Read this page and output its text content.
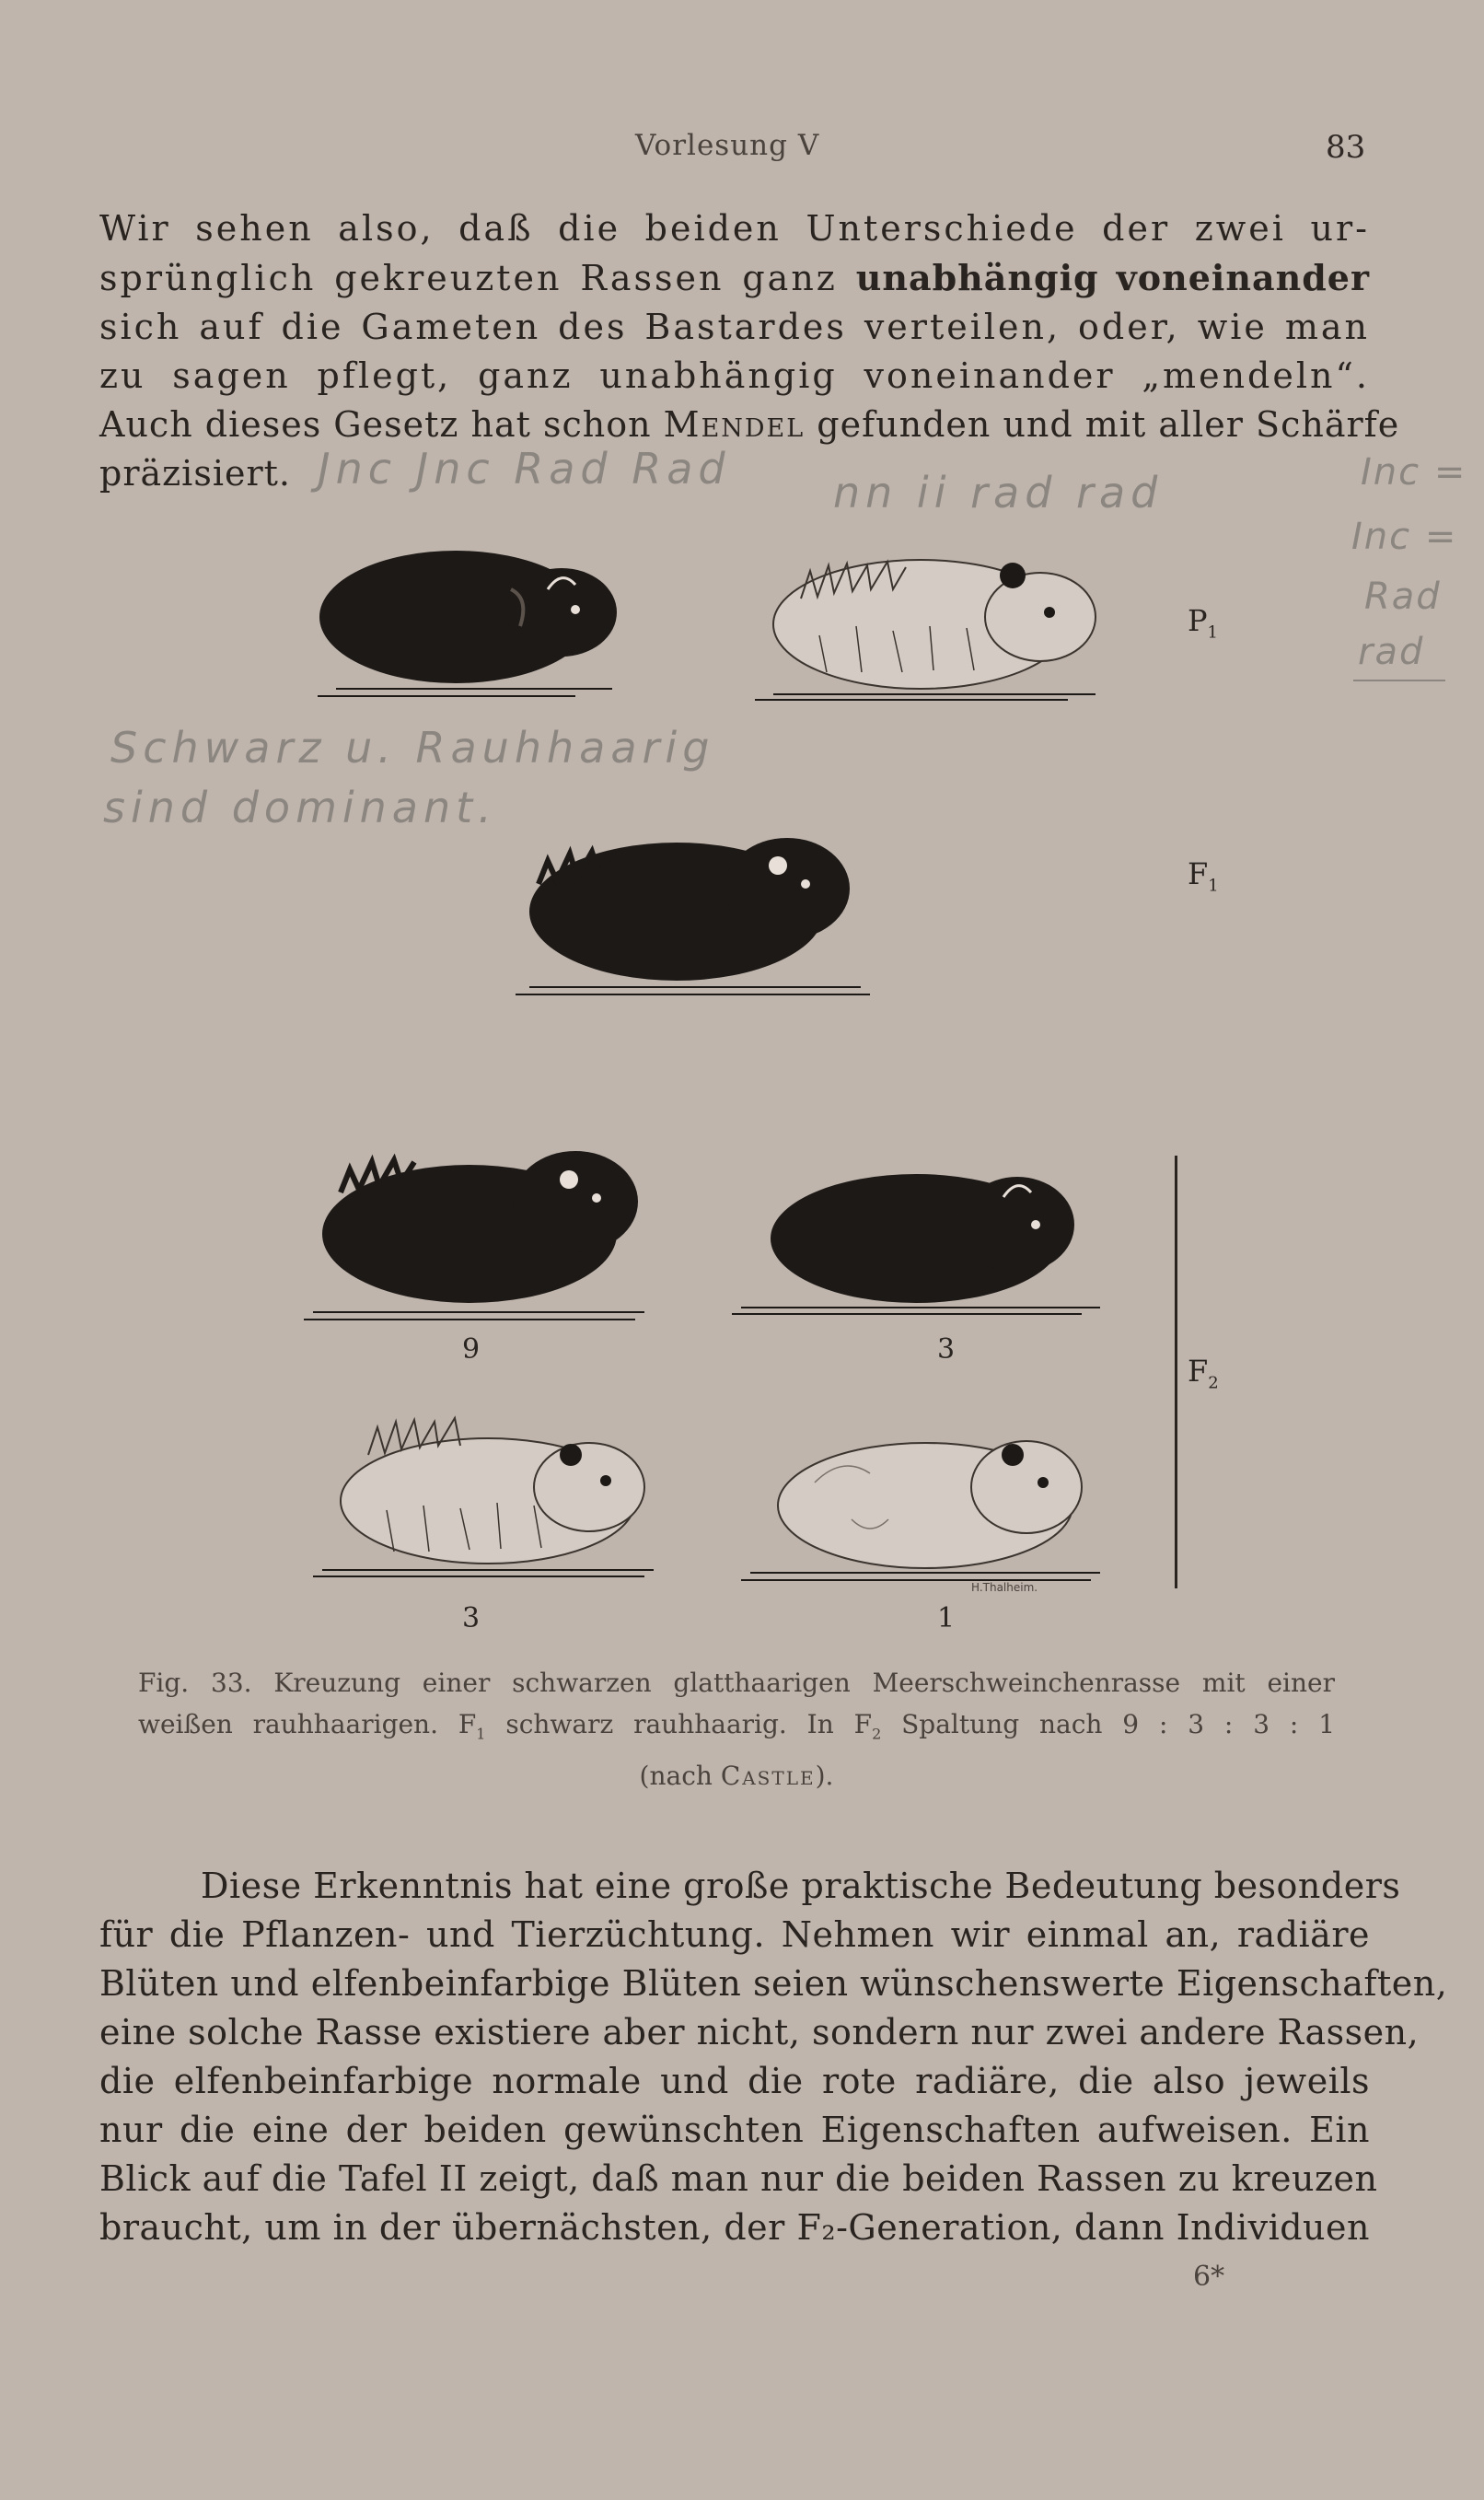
Vorlesung V	83
Wir sehen also, daß die beiden Unterschiede der zwei ur-
sprünglich gekreuzten Rassen ganz unabhängig voneinander
sich auf die Gameten des Bastardes verteilen, oder, wie man
zu sagen pflegt, ganz unabhängig voneinander „mendeln“.
Auch dieses Gesetz hat schon Mendel gefunden und mit aller Schärfe
präzisiert. Jnc Jnc Rad Rad nn ii rad rad	Inc =
Inc =
Rad
rad
Schwarz u. Rauhhaarig
sind dominant.
$P_1$
$F_1$
9	3
3	1
H.Thalheim.
$F_2$
Fig. 33. Kreuzung einer schwarzen glatthaarigen Meerschweinchenrasse mit einer
weißen rauhhaarigen. $F_1$ schwarz rauhhaarig. In $F_2$ Spaltung nach 9 : 3 : 3 : 1
(nach Castle).
Diese Erkenntnis hat eine große praktische Bedeutung besonders
für die Pflanzen- und Tierzüchtung. Nehmen wir einmal an, radiäre
Blüten und elfenbeinfarbige Blüten seien wünschenswerte Eigenschaften,
eine solche Rasse existiere aber nicht, sondern nur zwei andere Rassen,
die elfenbeinfarbige normale und die rote radiäre, die also jeweils
nur die eine der beiden gewünschten Eigenschaften aufweisen. Ein
Blick auf die Tafel II zeigt, daß man nur die beiden Rassen zu kreuzen
braucht, um in der übernächsten, der F₂-Generation, dann Individuen
6*
